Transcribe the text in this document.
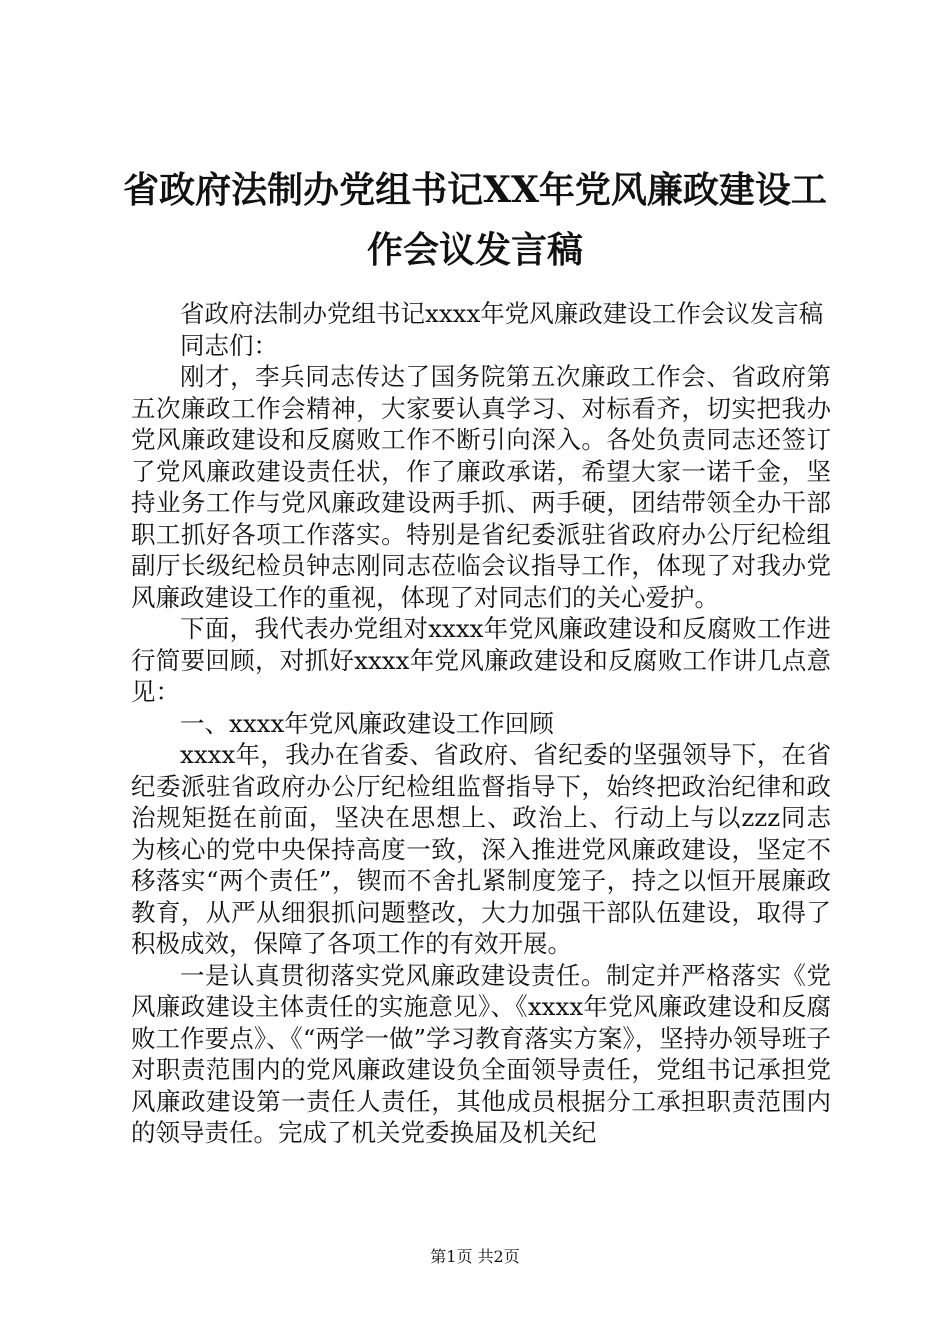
省政府法制办党组书记XX年党风廉政建设工作会议发言稿

省政府法制办党组书记xxxx年党风廉政建设工作会议发言稿

同志们：

刚才，李兵同志传达了国务院第五次廉政工作会、省政府第五次廉政工作会精神，大家要认真学习、对标看齐，切实把我办党风廉政建设和反腐败工作不断引向深入。各处负责同志还签订了党风廉政建设责任状，作了廉政承诺，希望大家一诺千金，坚持业务工作与党风廉政建设两手抓、两手硬，团结带领全办干部职工抓好各项工作落实。特别是省纪委派驻省政府办公厅纪检组副厅长级纪检员钟志刚同志莅临会议指导工作，体现了对我办党风廉政建设工作的重视，体现了对同志们的关心爱护。

下面，我代表办党组对xxxx年党风廉政建设和反腐败工作进行简要回顾，对抓好xxxx年党风廉政建设和反腐败工作讲几点意见：

一、xxxx年党风廉政建设工作回顾

xxxx年，我办在省委、省政府、省纪委的坚强领导下，在省纪委派驻省政府办公厅纪检组监督指导下，始终把政治纪律和政治规矩挺在前面，坚决在思想上、政治上、行动上与以zzz同志为核心的党中央保持高度一致，深入推进党风廉政建设，坚定不移落实“两个责任”，锲而不舍扎紧制度笼子，持之以恒开展廉政教育，从严从细狠抓问题整改，大力加强干部队伍建设，取得了积极成效，保障了各项工作的有效开展。

一是认真贯彻落实党风廉政建设责任。制定并严格落实《党风廉政建设主体责任的实施意见》、《xxxx年党风廉政建设和反腐败工作要点》、《“两学一做”学习教育落实方案》，坚持办领导班子对职责范围内的党风廉政建设负全面领导责任，党组书记承担党风廉政建设第一责任人责任，其他成员根据分工承担职责范围内的领导责任。完成了机关党委换届及机关纪

第1页 共2页
